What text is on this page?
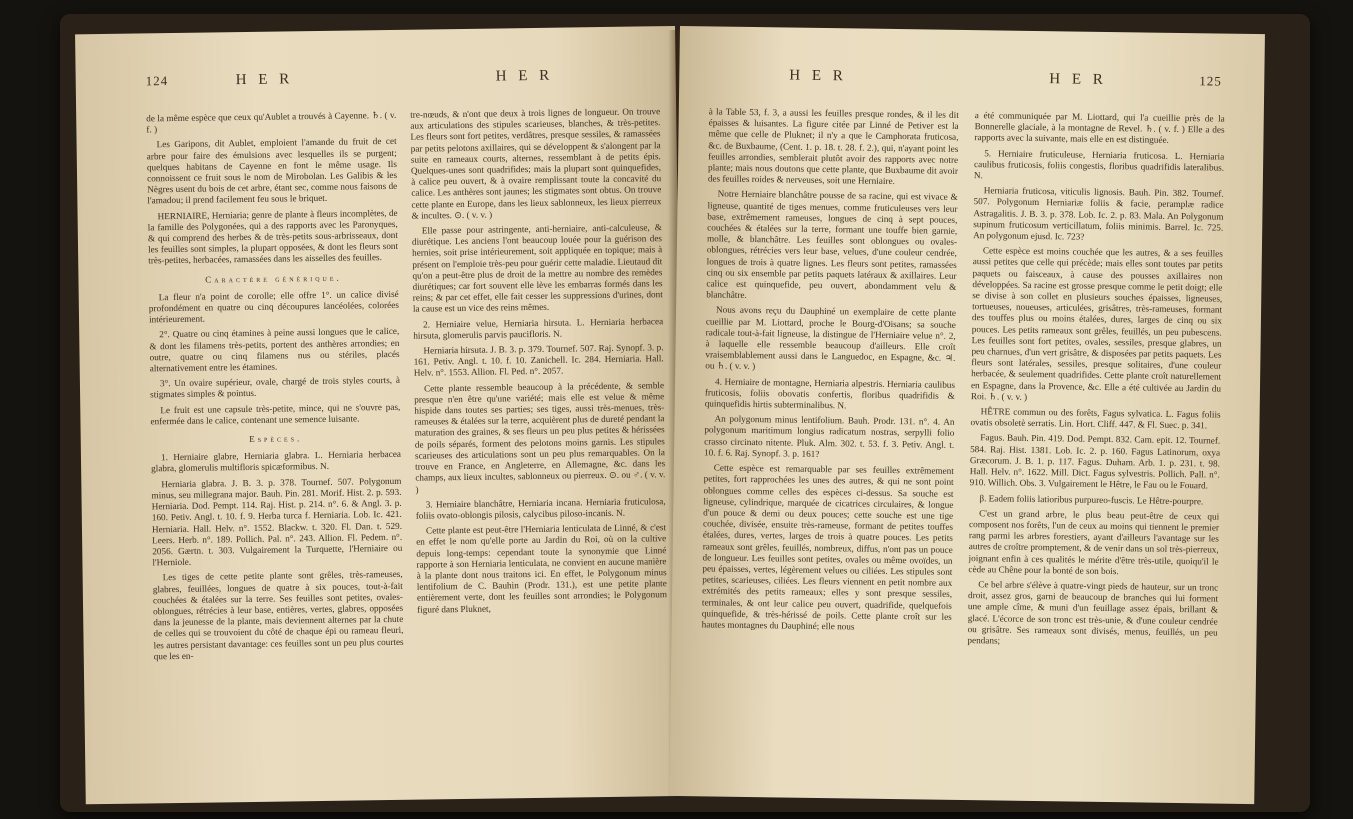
124	H E R	H E R

de la même espèce que ceux qu'Aublet a trouvés à Cayenne. ♄. ( v. f. )

Les Garipons, dit Aublet, emploient l'amande du fruit de cet arbre pour faire des émulsions avec lesquelles ils se purgent; quelques habitans de Cayenne en font le même usage. Ils connoissent ce fruit sous le nom de Mirobolan. Les Galibis & les Nègres usent du bois de cet arbre, étant sec, comme nous faisons de l'amadou; il prend facilement feu sous le briquet.

HERNIAIRE, Herniaria; genre de plante à fleurs incomplètes, de la famille des Polygonées, qui a des rapports avec les Paronyques, & qui comprend des herbes & de très-petits sous-arbrisseaux, dont les feuilles sont simples, la plupart opposées, & dont les fleurs sont très-petites, herbacées, ramassées dans les aisselles des feuilles.

Caractère générique.

La fleur n'a point de corolle; elle offre 1°. un calice divisé profondément en quatre ou cinq découpures lancéolées, colorées intérieurement.

2°. Quatre ou cinq étamines à peine aussi longues que le calice, & dont les filamens très-petits, portent des anthères arrondies; en outre, quatre ou cinq filamens nus ou stériles, placés alternativement entre les étamines.

3°. Un ovaire supérieur, ovale, chargé de trois styles courts, à stigmates simples & pointus.

Le fruit est une capsule très-petite, mince, qui ne s'ouvre pas, enfermée dans le calice, contenant une semence luisante.

Espèces.

1. Herniaire glabre, Herniaria glabra. L. Herniaria herbacea glabra, glomerulis multifloris spicæformibus. N.

Herniaria glabra. J. B. 3. p. 378. Tournef. 507. Polygonum minus, seu millegrana major. Bauh. Pin. 281. Morif. Hist. 2. p. 593. Herniaria. Dod. Pempt. 114. Raj. Hist. p. 214. n°. 6. & Angl. 3. p. 160. Petiv. Angl. t. 10. f. 9. Herba turca f. Herniaria. Lob. Ic. 421. Herniaria. Hall. Helv. n°. 1552. Blackw. t. 320. Fl. Dan. t. 529. Leers. Herb. n°. 189. Pollich. Pal. n°. 243. Allion. Fl. Pedem. n°. 2056. Gærtn. t. 303. Vulgairement la Turquette, l'Herniaire ou l'Herniole.

Les tiges de cette petite plante sont grêles, très-rameuses, glabres, feuillées, longues de quatre à six pouces, tout-à-fait couchées & étalées sur la terre. Ses feuilles sont petites, ovales-oblongues, rétrécies à leur base, entières, vertes, glabres, opposées dans la jeunesse de la plante, mais deviennent alternes par la chute de celles qui se trouvoient du côté de chaque épi ou rameau fleuri, les autres persistant davantage: ces feuilles sont un peu plus courtes que les en-

tre-nœuds, & n'ont que deux à trois lignes de longueur. On trouve aux articulations des stipules scarieuses, blanches, & très-petites. Les fleurs sont fort petites, verdâtres, presque sessiles, & ramassées par petits pelotons axillaires, qui se développent & s'alongent par la suite en rameaux courts, alternes, ressemblant à de petits épis. Quelques-unes sont quadrifides; mais la plupart sont quinquefides, à calice peu ouvert, & à ovaire remplissant toute la concavité du calice. Les anthères sont jaunes; les stigmates sont obtus. On trouve cette plante en Europe, dans les lieux sablonneux, les lieux pierreux & incultes. ⊙. ( v. v. )

Elle passe pour astringente, anti-herniaire, anti-calculeuse, & diurétique. Les anciens l'ont beaucoup louée pour la guérison des hernies, soit prise intérieurement, soit appliquée en topique; mais à présent on l'emploie très-peu pour guérir cette maladie. Lieutaud dit qu'on a peut-être plus de droit de la mettre au nombre des remèdes diurétiques; car fort souvent elle lève les embarras formés dans les reins; & par cet effet, elle fait cesser les suppressions d'urines, dont la cause est un vice des reins mêmes.

2. Herniaire velue, Herniaria hirsuta. L. Herniaria herbacea hirsuta, glomerulis parvis paucifloris. N.

Herniaria hirsuta. J. B. 3. p. 379. Tournef. 507. Raj. Synopf. 3. p. 161. Petiv. Angl. t. 10. f. 10. Zanichell. Ic. 284. Herniaria. Hall. Helv. n°. 1553. Allion. Fl. Ped. n°. 2057.

Cette plante ressemble beaucoup à la précédente, & semble presque n'en être qu'une variété; mais elle est velue & même hispide dans toutes ses parties; ses tiges, aussi très-menues, très-rameuses & étalées sur la terre, acquièrent plus de dureté pendant la maturation des graines, & ses fleurs un peu plus petites & hérissées de poils séparés, forment des pelotons moins garnis. Les stipules scarieuses des articulations sont un peu plus remarquables. On la trouve en France, en Angleterre, en Allemagne, &c. dans les champs, aux lieux incultes, sablonneux ou pierreux. ⊙. ou ♂. ( v. v. )

3. Herniaire blanchâtre, Herniaria incana. Herniaria fruticulosa, foliis ovato-oblongis pilosis, calycibus piloso-incanis. N.

Cette plante est peut-être l'Herniaria lenticulata de Linné, & c'est en effet le nom qu'elle porte au Jardin du Roi, où on la cultive depuis long-temps: cependant toute la synonymie que Linné rapporte à son Herniaria lenticulata, ne convient en aucune manière à la plante dont nous traitons ici. En effet, le Polygonum minus lentifolium de C. Bauhin (Prodr. 131.), est une petite plante entièrement verte, dont les feuilles sont arrondies; le Polygonum figuré dans Pluknet,

H E R	H E R	125

à la Table 53, f. 3, a aussi les feuilles presque rondes, & il les dit épaisses & luisantes. La figure citée par Linné de Petiver est la même que celle de Pluknet; il n'y a que le Camphorata fruticosa, &c. de Buxbaume, (Cent. 1. p. 18. t. 28. f. 2.), qui, n'ayant point les feuilles arrondies, semblerait plutôt avoir des rapports avec notre plante; mais nous doutons que cette plante, que Buxbaume dit avoir des feuilles roides & nerveuses, soit une Herniaire.

Notre Herniaire blanchâtre pousse de sa racine, qui est vivace & ligneuse, quantité de tiges menues, comme fruticuleuses vers leur base, extrêmement rameuses, longues de cinq à sept pouces, couchées & étalées sur la terre, formant une touffe bien garnie, molle, & blanchâtre. Les feuilles sont oblongues ou ovales-oblongues, rétrécies vers leur base, velues, d'une couleur cendrée, longues de trois à quatre lignes. Les fleurs sont petites, ramassées cinq ou six ensemble par petits paquets latéraux & axillaires. Leur calice est quinquefide, peu ouvert, abondamment velu & blanchâtre.

Nous avons reçu du Dauphiné un exemplaire de cette plante cueillie par M. Liottard, proche le Bourg-d'Oisans; sa souche radicale tout-à-fait ligneuse, la distingue de l'Herniaire velue n°. 2, à laquelle elle ressemble beaucoup d'ailleurs. Elle croît vraisemblablement aussi dans le Languedoc, en Espagne, &c. ♃. ou ♄. ( v. v. )

4. Herniaire de montagne, Herniaria alpestris. Herniaria caulibus fruticosis, foliis obovatis confertis, floribus quadrifidis & quinquefidis hirtis subterminalibus. N.

An polygonum minus lentifolium. Bauh. Prodr. 131. n°. 4. An polygonum maritimum longius radicatum nostras, serpylli folio crasso circinato nitente. Pluk. Alm. 302. t. 53. f. 3. Petiv. Angl. t. 10. f. 6. Raj. Synopf. 3. p. 161?

Cette espèce est remarquable par ses feuilles extrêmement petites, fort rapprochées les unes des autres, & qui ne sont point oblongues comme celles des espèces ci-dessus. Sa souche est ligneuse, cylindrique, marquée de cicatrices circulaires, & longue d'un pouce & demi ou deux pouces; cette souche est une tige couchée, divisée, ensuite très-rameuse, formant de petites touffes étalées, dures, vertes, larges de trois à quatre pouces. Les petits rameaux sont grêles, feuillés, nombreux, diffus, n'ont pas un pouce de longueur. Les feuilles sont petites, ovales ou même ovoïdes, un peu épaisses, vertes, légèrement velues ou ciliées. Les stipules sont petites, scarieuses, ciliées. Les fleurs viennent en petit nombre aux extrémités des petits rameaux; elles y sont presque sessiles, terminales, & ont leur calice peu ouvert, quadrifide, quelquefois quinquefide, & très-hérissé de poils. Cette plante croît sur les hautes montagnes du Dauphiné; elle nous

a été communiquée par M. Liottard, qui l'a cueillie près de la Bonnerelle glaciale, à la montagne de Revel. ♄. ( v. f. ) Elle a des rapports avec la suivante, mais elle en est distinguée.

5. Herniaire fruticuleuse, Herniaria fruticosa. L. Herniaria caulibus fruticosis, foliis congestis, floribus quadrifidis lateralibus. N.

Herniaria fruticosa, viticulis lignosis. Bauh. Pin. 382. Tournef. 507. Polygonum Herniariæ foliis & facie, peramplæ radice Astragalitis. J. B. 3. p. 378. Lob. Ic. 2. p. 83. Mala. An Polygonum supinum fruticosum verticillatum, foliis minimis. Barrel. Ic. 725. An polygonum ejusd. Ic. 723?

Cette espèce est moins couchée que les autres, & a ses feuilles aussi petites que celle qui précède; mais elles sont toutes par petits paquets ou faisceaux, à cause des pousses axillaires non développées. Sa racine est grosse presque comme le petit doigt; elle se divise à son collet en plusieurs souches épaisses, ligneuses, tortueuses, noueuses, articulées, grisâtres, très-rameuses, formant des touffes plus ou moins étalées, dures, larges de cinq ou six pouces. Les petits rameaux sont grêles, feuillés, un peu pubescens. Les feuilles sont fort petites, ovales, sessiles, presque glabres, un peu charnues, d'un vert grisâtre, & disposées par petits paquets. Les fleurs sont latérales, sessiles, presque solitaires, d'une couleur herbacée, & seulement quadrifides. Cette plante croît naturellement en Espagne, dans la Provence, &c. Elle a été cultivée au Jardin du Roi. ♄. ( v. v. )

HÊTRE commun ou des forêts, Fagus sylvatica. L. Fagus foliis ovatis obsoletè serratis. Lin. Hort. Cliff. 447. & Fl. Suec. p. 341.

Fagus. Bauh. Pin. 419. Dod. Pempt. 832. Cam. epit. 12. Tournef. 584. Raj. Hist. 1381. Lob. Ic. 2. p. 160. Fagus Latinorum, oxya Græcorum. J. B. 1. p. 117. Fagus. Duham. Arb. 1. p. 231. t. 98. Hall. Helv. n°. 1622. Mill. Dict. Fagus sylvestris. Pollich. Pall. n°. 910. Willich. Obs. 3. Vulgairement le Hêtre, le Fau ou le Fouard.

β. Eadem foliis latioribus purpureo-fuscis. Le Hêtre-pourpre.

C'est un grand arbre, le plus beau peut-être de ceux qui composent nos forêts, l'un de ceux au moins qui tiennent le premier rang parmi les arbres forestiers, ayant d'ailleurs l'avantage sur les autres de croître promptement, & de venir dans un sol très-pierreux, joignant enfin à ces qualités le mérite d'être très-utile, quoiqu'il le cède au Chêne pour la bonté de son bois.

Ce bel arbre s'élève à quatre-vingt pieds de hauteur, sur un tronc droit, assez gros, garni de beaucoup de branches qui lui forment une ample cîme, & muni d'un feuillage assez épais, brillant & glacé. L'écorce de son tronc est très-unie, & d'une couleur cendrée ou grisâtre. Ses rameaux sont divisés, menus, feuillés, un peu pendans;
